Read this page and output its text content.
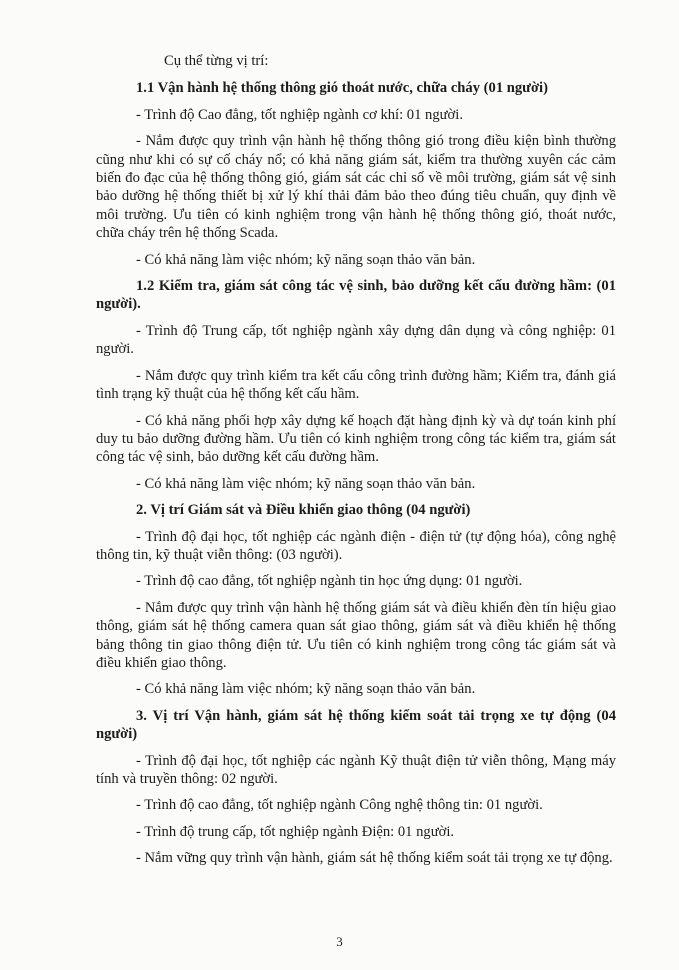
Cụ thể từng vị trí:

1.1 Vận hành hệ thống thông gió thoát nước, chữa cháy (01 người)

- Trình độ Cao đẳng, tốt nghiệp ngành cơ khí: 01 người.

- Nắm được quy trình vận hành hệ thống thông gió trong điều kiện bình thường cũng như khi có sự cố cháy nổ; có khả năng giám sát, kiểm tra thường xuyên các cảm biến đo đạc của hệ thống thông gió, giám sát các chỉ số về môi trường, giám sát vệ sinh bảo dưỡng hệ thống thiết bị xử lý khí thải đảm bảo theo đúng tiêu chuẩn, quy định về môi trường. Ưu tiên có kinh nghiệm trong vận hành hệ thống thông gió, thoát nước, chữa cháy trên hệ thống Scada.

- Có khả năng làm việc nhóm; kỹ năng soạn thảo văn bản.

1.2 Kiểm tra, giám sát công tác vệ sinh, bảo dưỡng kết cấu đường hầm: (01 người).

- Trình độ Trung cấp, tốt nghiệp ngành xây dựng dân dụng và công nghiệp: 01 người.

- Nắm được quy trình kiểm tra kết cấu công trình đường hầm; Kiểm tra, đánh giá tình trạng kỹ thuật của hệ thống kết cấu hầm.

- Có khả năng phối hợp xây dựng kế hoạch đặt hàng định kỳ và dự toán kinh phí duy tu bảo dưỡng đường hầm. Ưu tiên có kinh nghiệm trong công tác kiểm tra, giám sát công tác vệ sinh, bảo dưỡng kết cấu đường hầm.

- Có khả năng làm việc nhóm; kỹ năng soạn thảo văn bản.

2. Vị trí Giám sát và Điều khiển giao thông (04 người)

- Trình độ đại học, tốt nghiệp các ngành điện - điện tử (tự động hóa), công nghệ thông tin, kỹ thuật viễn thông: (03 người).

- Trình độ cao đẳng, tốt nghiệp ngành tin học ứng dụng: 01 người.

- Nắm được quy trình vận hành hệ thống giám sát và điều khiển đèn tín hiệu giao thông, giám sát hệ thống camera quan sát giao thông, giám sát và điều khiển hệ thống bảng thông tin giao thông điện tử. Ưu tiên có kinh nghiệm trong công tác giám sát và điều khiển giao thông.

- Có khả năng làm việc nhóm; kỹ năng soạn thảo văn bản.

3. Vị trí Vận hành, giám sát hệ thống kiểm soát tải trọng xe tự động (04 người)

- Trình độ đại học, tốt nghiệp các ngành Kỹ thuật điện tử viễn thông, Mạng máy tính và truyền thông: 02 người.

- Trình độ cao đẳng, tốt nghiệp ngành Công nghệ thông tin: 01 người.

- Trình độ trung cấp, tốt nghiệp ngành Điện: 01 người.

- Nắm vững quy trình vận hành, giám sát hệ thống kiểm soát tải trọng xe tự động.

3
